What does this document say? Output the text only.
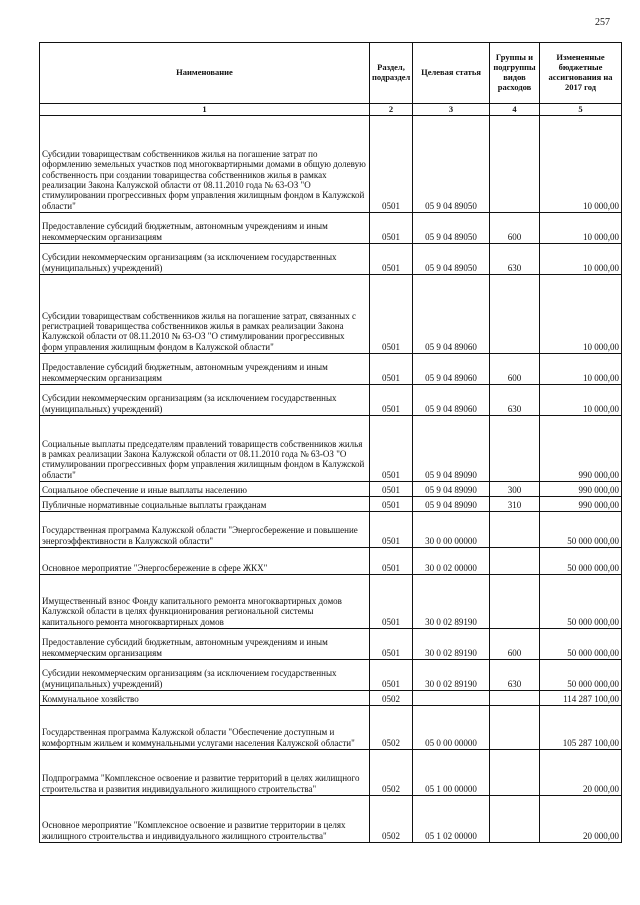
257
Наименование	Раздел, подраздел	Целевая статья	Группы и подгруппы видов расходов	Измененные бюджетные ассигнования на 2017 год
1	2	3	4	5

Субсидии товариществам собственников жилья на погашение затрат по оформлению земельных участков под многоквартирными домами в общую долевую собственность при создании товарищества собственников жилья в рамках реализации Закона Калужской области от 08.11.2010 года № 63-ОЗ "О стимулировании прогрессивных форм управления жилищным фондом в Калужской области"	0501	05 9 04 89050		10 000,00

Предоставление субсидий бюджетным, автономным учреждениям и иным некоммерческим организациям	0501	05 9 04 89050	600	10 000,00

Субсидии некоммерческим организациям (за исключением государственных (муниципальных) учреждений)	0501	05 9 04 89050	630	10 000,00

Субсидии товариществам собственников жилья на погашение затрат, связанных с регистрацией товарищества собственников жилья в рамках реализации Закона Калужской области от 08.11.2010 № 63-ОЗ "О стимулировании прогрессивных форм управления жилищным фондом в Калужской области"	0501	05 9 04 89060		10 000,00

Предоставление субсидий бюджетным, автономным учреждениям и иным некоммерческим организациям	0501	05 9 04 89060	600	10 000,00

Субсидии некоммерческим организациям (за исключением государственных (муниципальных) учреждений)	0501	05 9 04 89060	630	10 000,00

Социальные выплаты председателям правлений товариществ собственников жилья в рамках реализации Закона Калужской области от 08.11.2010 года № 63-ОЗ "О стимулировании прогрессивных форм управления жилищным фондом в Калужской области"	0501	05 9 04 89090		990 000,00

Социальное обеспечение и иные выплаты населению	0501	05 9 04 89090	300	990 000,00

Публичные нормативные социальные выплаты гражданам	0501	05 9 04 89090	310	990 000,00

Государственная программа Калужской области "Энергосбережение и повышение энергоэффективности в Калужской области"	0501	30 0 00 00000		50 000 000,00

Основное мероприятие "Энергосбережение в сфере ЖКХ"	0501	30 0 02 00000		50 000 000,00

Имущественный взнос Фонду капитального ремонта многоквартирных домов Калужской области в целях функционирования региональной системы капитального ремонта многоквартирных домов	0501	30 0 02 89190		50 000 000,00

Предоставление субсидий бюджетным, автономным учреждениям и иным некоммерческим организациям	0501	30 0 02 89190	600	50 000 000,00

Субсидии некоммерческим организациям (за исключением государственных (муниципальных) учреждений)	0501	30 0 02 89190	630	50 000 000,00

Коммунальное хозяйство	0502			114 287 100,00

Государственная программа Калужской области "Обеспечение доступным и комфортным жильем и коммунальными услугами населения Калужской области"	0502	05 0 00 00000		105 287 100,00

Подпрограмма "Комплексное освоение и развитие территорий в целях жилищного строительства и развития индивидуального жилищного строительства"	0502	05 1 00 00000		20 000,00

Основное мероприятие "Комплексное освоение и развитие территории в целях жилищного строительства и индивидуального жилищного строительства"	0502	05 1 02 00000		20 000,00
